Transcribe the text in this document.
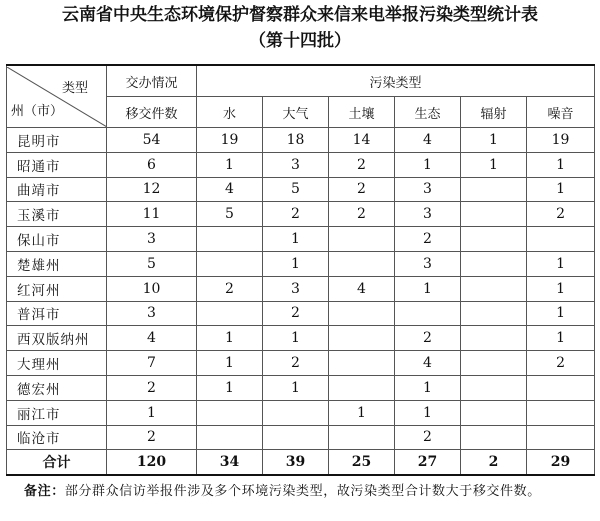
云南省中央生态环境保护督察群众来信来电举报污染类型统计表
（第十四批）
类型
州（市）	交办情况	污染类型					
	移交件数	水	大气	土壤	生态	辐射	噪音
昆明市	54	19	18	14	4	1	19
昭通市	6	1	3	2	1	1	1
曲靖市	12	4	5	2	3		1
玉溪市	11	5	2	2	3		2
保山市	3		1		2		
楚雄州	5		1		3		1
红河州	10	2	3	4	1		1
普洱市	3		2				1
西双版纳州	4	1	1		2		1
大理州	7	1	2		4		2
德宏州	2	1	1		1		
丽江市	1			1	1		
临沧市	2				2		
合计	120	34	39	25	27	2	29
备注：部分群众信访举报件涉及多个环境污染类型，故污染类型合计数大于移交件数。
